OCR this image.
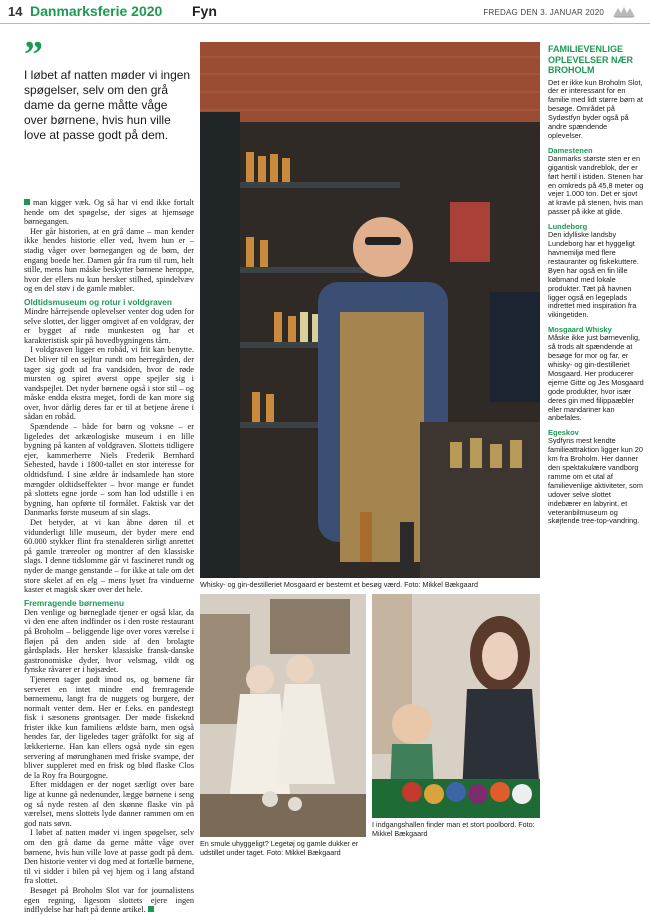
14 Danmarksferie 2020 Fyn	FREDAG DEN 3. JANUAR 2020
”
I løbet af natten møder vi ingen spøgelser, selv om den grå dame da gerne måtte våge over børnene, hvis hun ville love at passe godt på dem.

man kigger væk. Og så har vi end ikke fortalt hende om det spøgelse, der siges at hjemsøge børnegangen.

Her går historien, at en grå dame – man kender ikke hendes historie eller ved, hvem hun er – stadig våger over børnegangen og de børn, der engang boede her. Damen går fra rum til rum, helt stille, mens hun måske beskytter børnene heroppe, hvor der ellers nu kun hersker stilhed, spindelvæv og en del støv i de gamle møbler.

Oldtidsmuseum og rotur i voldgraven

Mindre hårrejsende oplevelser venter dog uden for selve slottet, der ligger omgivet af en voldgrav, der er bygget af røde munkesten og har et karakteristisk spir på hovedbygningens tårn.

I voldgraven ligger en robåd, vi frit kan benytte. Det bliver til en sejltur rundt om herregården, der tager sig godt ud fra vandsiden, hvor de røde mursten og spiret øverst oppe spejler sig i vandspejlet. Det nyder børnene også i stor stil – og måske endda ekstra meget, fordi de kan more sig over, hvor dårlig deres far er til at betjene årene i sådan en robåd.

Spændende – både for børn og voksne – er ligeledes det arkæologiske museum i en lille bygning på kanten af voldgraven. Slottets tidligere ejer, kammerherre Niels Frederik Bernhard Sehested, havde i 1800-tallet en stor interesse for oldtidsfund. I sine ældre år indsamlede han store mængder oldtidseffekter – hvor mange er fundet på slottets egne jorde – som han lod udstille i en bygning, han opførte til formålet. Faktisk var det Danmarks første museum af sin slags.

Det betyder, at vi kan åbne døren til et vidunderligt lille museum, der byder mere end 60.000 stykker flint fra stenalderen sirligt anrettet på gamle træreoler og montrer af den klassiske slags. I denne tidslomme går vi fascineret rundt og nyder de mange genstande – for ikke at tale om det store skelet af en elg – mens lyset fra vinduerne kaster et magisk skær over det hele.

Fremragende børnemenu

Den venlige og børneglade tjener er også klar, da vi den ene aften indfinder os i den roste restaurant på Broholm – beliggende lige over vores værelse i fløjen på den anden side af den brolagte gårdsplads. Her hersker klassiske fransk-danske gastronomiske dyder, hvor velsmag, vildt og fynske råvarer er i højsædet.

Tjeneren tager godt imod os, og børnene får serveret en intet mindre end fremragende børnemenu, langt fra de nuggets og burgere, der normalt venter dem. Her er f.eks. en pandestegt fisk i sæsonens grøntsager. Der møde fiskeknd frister ikke kun familiens ældste barn, men også hendes far, der ligeledes tager gråfolkt for sig af lækkerierne. Han kan ellers også nyde sin egen servering af mørunghanen med friske svampe, der bliver suppleret med en frisk og blød flaske Clos de la Roy fra Bourgogne.

Efter middagen er der noget særligt over bare lige at kunne gå nedenunder, lægge børnene i seng og så nyde resten af den skønne flaske vin på værelset, mens slottets lyde danner rammen om en god nats søvn.

I løbet af natten møder vi ingen spøgelser, selv om den grå dame da gerne måtte våge over børnene, hvis hun ville love at passe godt på dem. Den historie venter vi dog med at fortælle børnene, til vi sidder i bilen på vej hjem og i lang afstand fra slottet.

Besøget på Broholm Slot var for journalistens egen regning, ligesom slottets ejere ingen indflydelse har haft på denne artikel.

Whisky- og gin-destilleriet Mosgaard er bestemt et besøg værd. Foto: Mikkel Bækgaard
En smule uhyggeligt? Legetøj og gamle dukker er udstillet under taget. Foto: Mikkel Bækgaard
I indgangshallen finder man et stort poolbord. Foto: Mikkel Bækgaard
FAMILIEVENLIGE OPLEVELSER NÆR BROHOLM

Det er ikke kun Broholm Slot, der er interessant for en familie med lidt større børn at besøge. Området på Sydøstfyn byder også på andre spændende oplevelser.

Damestenen

Danmarks største sten er en gigantisk vandreblok, der er ført hertil i istiden. Stenen har en omkreds på 45,8 meter og vejer 1.000 ton. Det er sjovt at kravle på stenen, hvis man passer på ikke at glide.

Lundeborg

Den idylliske landsby Lundeborg har et hyggeligt havnemiljø med flere restauranter og fiskekuttere. Byen har også en fin lille købmand med lokale produkter. Tæt på havnen ligger også en legeplads indrettet med inspiration fra vikingetiden.

Mosgaard Whisky

Måske ikke just børnevenlig, så trods alt spændende at besøge for mor og far, er whisky- og gin-destilleriet Mosgaard. Her producerer ejerne Gitte og Jes Mosgaard gode produkter, hvor især deres gin med filippaæbler eller mandariner kan anbefales.

Egeskov

Sydfyns mest kendte familieattraktion ligger kun 20 km fra Broholm. Her danner den spektakulære vandborg ramme om et utal af familievenlige aktiviteter, som udover selve slottet indebærer en labyrint, et veteranbilmuseum og skøjtende tree-top-vandring.
